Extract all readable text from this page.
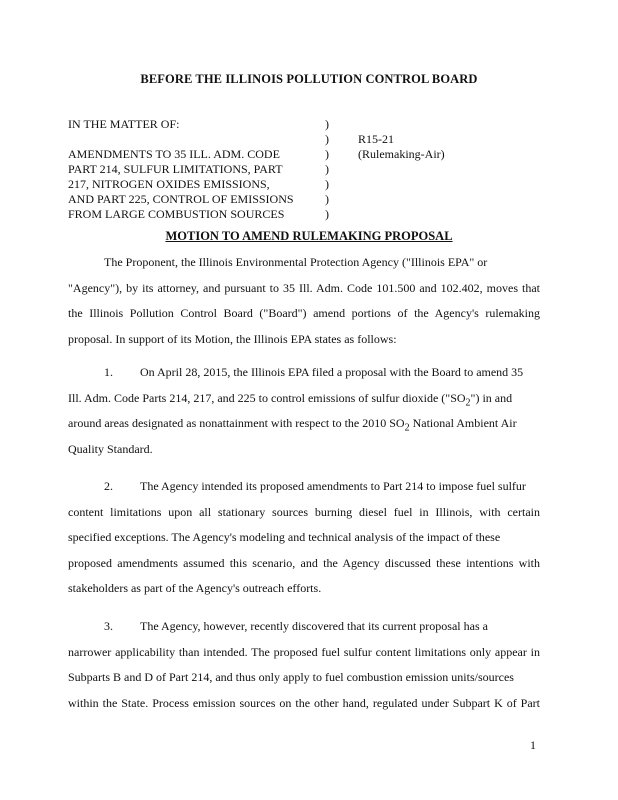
BEFORE THE ILLINOIS POLLUTION CONTROL BOARD
IN THE MATTER OF:
AMENDMENTS TO 35 ILL. ADM. CODE
PART 214, SULFUR LIMITATIONS, PART
217, NITROGEN OXIDES EMISSIONS,
AND PART 225, CONTROL OF EMISSIONS
FROM LARGE COMBUSTION SOURCES
)
)
)
)
)
)
)
R15-21
(Rulemaking-Air)
MOTION TO AMEND RULEMAKING PROPOSAL
The Proponent, the Illinois Environmental Protection Agency ("Illinois EPA" or
"Agency"), by its attorney, and pursuant to 35 Ill. Adm. Code 101.500 and 102.402, moves that
the Illinois Pollution Control Board ("Board") amend portions of the Agency's rulemaking
proposal. In support of its Motion, the Illinois EPA states as follows:
1. On April 28, 2015, the Illinois EPA filed a proposal with the Board to amend 35
Ill. Adm. Code Parts 214, 217, and 225 to control emissions of sulfur dioxide $("SO_2")$ in and
around areas designated as nonattainment with respect to the 2010 $SO_2$ National Ambient Air
Quality Standard.
2. The Agency intended its proposed amendments to Part 214 to impose fuel sulfur
content limitations upon all stationary sources burning diesel fuel in Illinois, with certain
specified exceptions. The Agency's modeling and technical analysis of the impact of these
proposed amendments assumed this scenario, and the Agency discussed these intentions with
stakeholders as part of the Agency's outreach efforts.
3. The Agency, however, recently discovered that its current proposal has a
narrower applicability than intended. The proposed fuel sulfur content limitations only appear in
Subparts B and D of Part 214, and thus only apply to fuel combustion emission units/sources
within the State. Process emission sources on the other hand, regulated under Subpart K of Part
1
